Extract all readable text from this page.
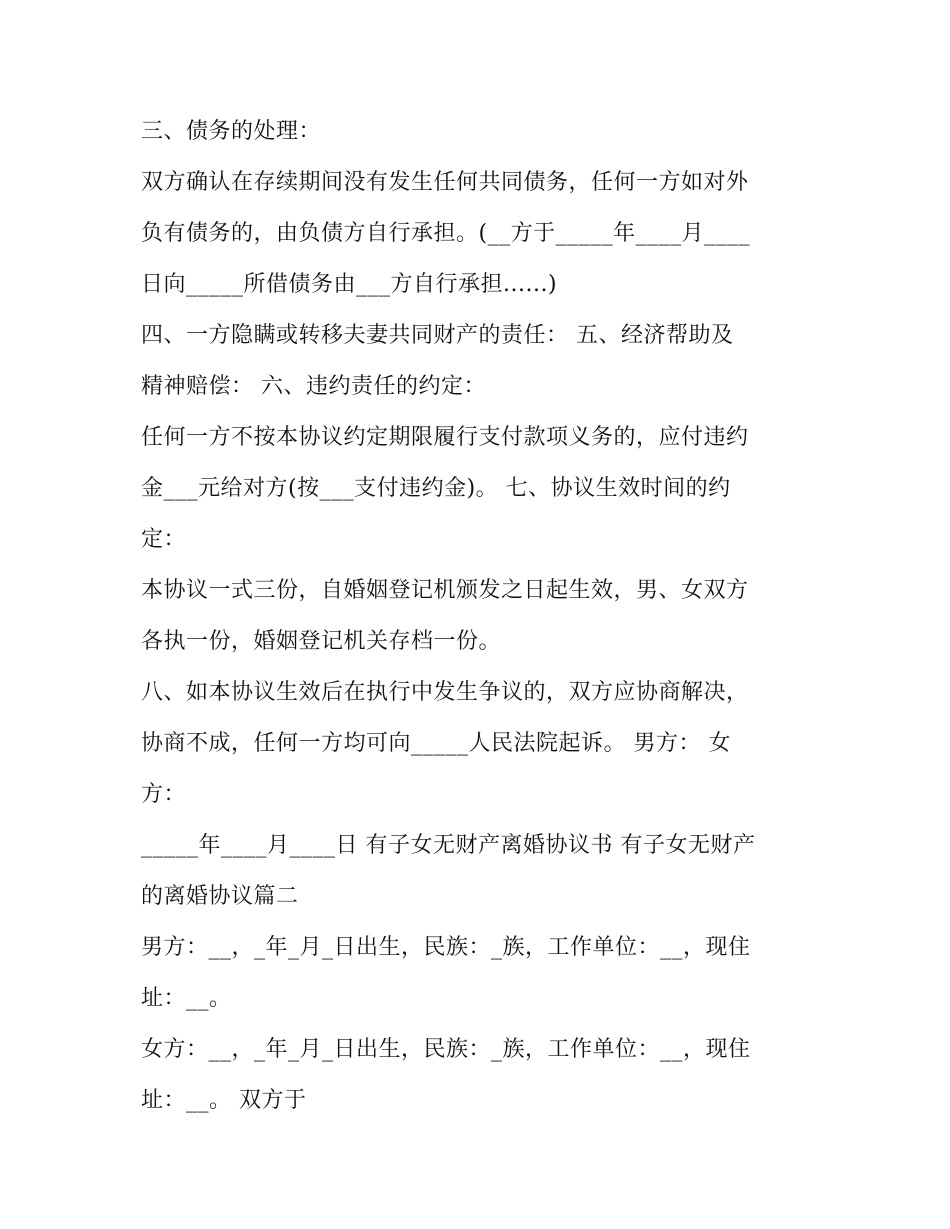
三、债务的处理：
双方确认在存续期间没有发生任何共同债务，任何一方如对外
负有债务的，由负债方自行承担。(__方于_____年____月____
日向_____所借债务由___方自行承担......)
四、一方隐瞒或转移夫妻共同财产的责任： 五、经济帮助及
精神赔偿： 六、违约责任的约定：
任何一方不按本协议约定期限履行支付款项义务的，应付违约
金___元给对方(按___支付违约金)。 七、协议生效时间的约
定：
本协议一式三份，自婚姻登记机颁发之日起生效，男、女双方
各执一份，婚姻登记机关存档一份。
八、如本协议生效后在执行中发生争议的，双方应协商解决，
协商不成，任何一方均可向_____人民法院起诉。 男方： 女
方：
_____年____月____日 有子女无财产离婚协议书 有子女无财产
的离婚协议篇二
男方：__，_年_月_日出生，民族：_族，工作单位：__，现住
址：__。
女方：__，_年_月_日出生，民族：_族，工作单位：__，现住
址：__。 双方于
